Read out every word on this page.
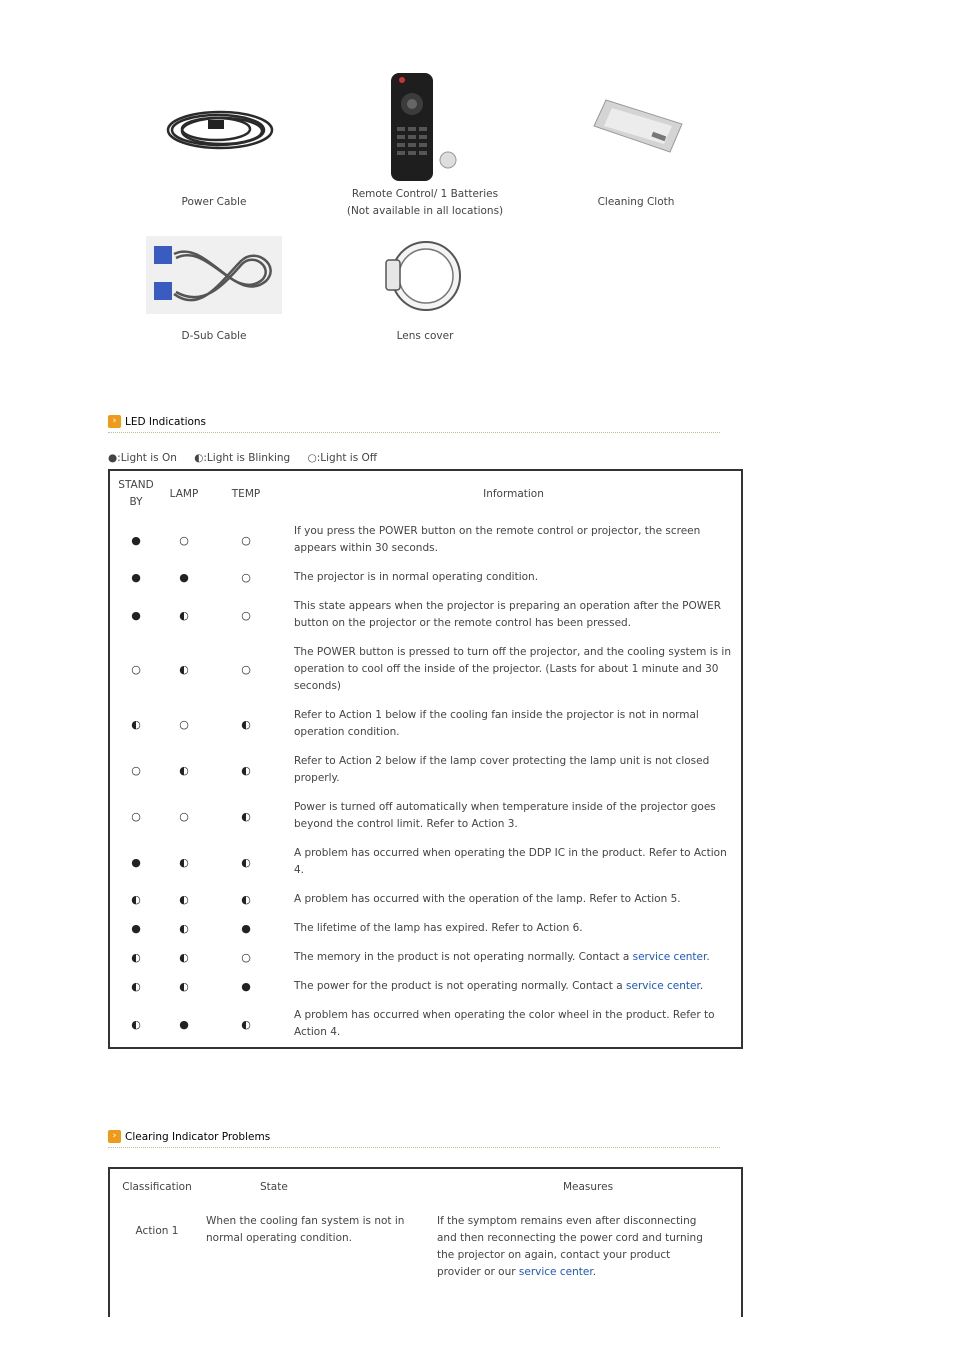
Power Cable
Remote Control/ 1 Batteries
(Not available in all locations)
Cleaning Cloth
D-Sub Cable	Lens cover
› LED Indications
●:Light is On ◐:Light is Blinking ○:Light is Off
STAND
BY	LAMP	TEMP	Information
●	○	○	If you press the POWER button on the remote control or projector, the screen appears within 30 seconds.
●	●	○	The projector is in normal operating condition.
●	◐	○	This state appears when the projector is preparing an operation after the POWER button on the projector or the remote control has been pressed.
○	◐	○	The POWER button is pressed to turn off the projector, and the cooling system is in operation to cool off the inside of the projector. (Lasts for about 1 minute and 30 seconds)
◐	○	◐	Refer to Action 1 below if the cooling fan inside the projector is not in normal operation condition.
○	◐	◐	Refer to Action 2 below if the lamp cover protecting the lamp unit is not closed properly.
○	○	◐	Power is turned off automatically when temperature inside of the projector goes beyond the control limit. Refer to Action 3.
●	◐	◐	A problem has occurred when operating the DDP IC in the product. Refer to Action 4.
◐	◐	◐	A problem has occurred with the operation of the lamp. Refer to Action 5.
●	◐	●	The lifetime of the lamp has expired. Refer to Action 6.
◐	◐	○	The memory in the product is not operating normally. Contact a service center.
◐	◐	●	The power for the product is not operating normally. Contact a service center.
◐	●	◐	A problem has occurred when operating the color wheel in the product. Refer to Action 4.
› Clearing Indicator Problems
Classification	State	Measures
Action 1	When the cooling fan system is not in normal operating condition.	If the symptom remains even after disconnecting and then reconnecting the power cord and turning the projector on again, contact your product provider or our service center.
